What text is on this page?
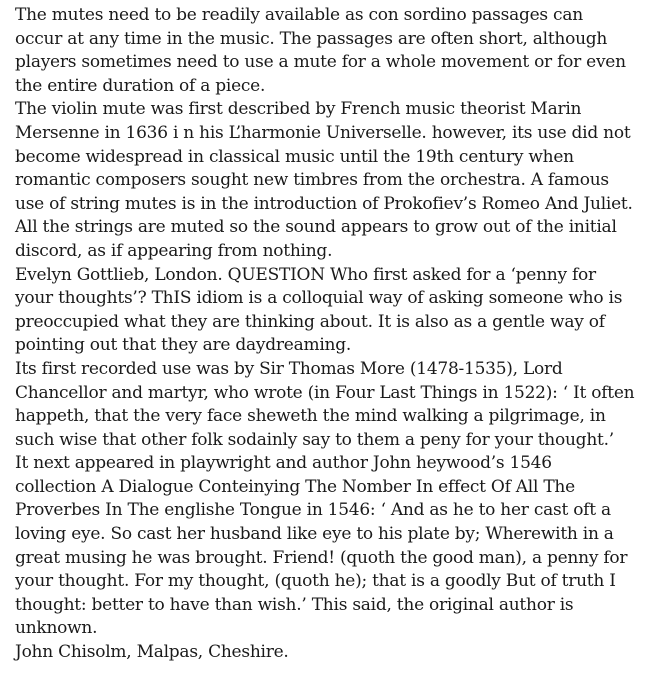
The mutes need to be readily available as con sordino passages can occur at any time in the music. The passages are often short, although players sometimes need to use a mute for a whole movement or for even the entire duration of a piece.

The violin mute was first described by French music theorist Marin Mersenne in 1636 i n his L’harmonie Universelle. however, its use did not become widespread in classical music until the 19th century when romantic composers sought new timbres from the orchestra. A famous use of string mutes is in the introduction of Prokofiev’s Romeo And Juliet. All the strings are muted so the sound appears to grow out of the initial discord, as if appearing from nothing.

Evelyn Gottlieb, London. QUESTION Who first asked for a ‘penny for your thoughts’? ThIS idiom is a colloquial way of asking someone who is preoccupied what they are thinking about. It is also as a gentle way of pointing out that they are daydreaming.

Its first recorded use was by Sir Thomas More (1478-1535), Lord Chancellor and martyr, who wrote (in Four Last Things in 1522): ‘ It often happeth, that the very face sheweth the mind walking a pilgrimage, in such wise that other folk sodainly say to them a peny for your thought.’

It next appeared in playwright and author John heywood’s 1546 collection A Dialogue Conteinying The Nomber In effect Of All The Proverbes In The englishe Tongue in 1546: ‘ And as he to her cast oft a loving eye. So cast her husband like eye to his plate by; Wherewith in a great musing he was brought. Friend! (quoth the good man), a penny for your thought. For my thought, (quoth he); that is a goodly But of truth I thought: better to have than wish.’ This said, the original author is unknown.

John Chisolm, Malpas, Cheshire.
